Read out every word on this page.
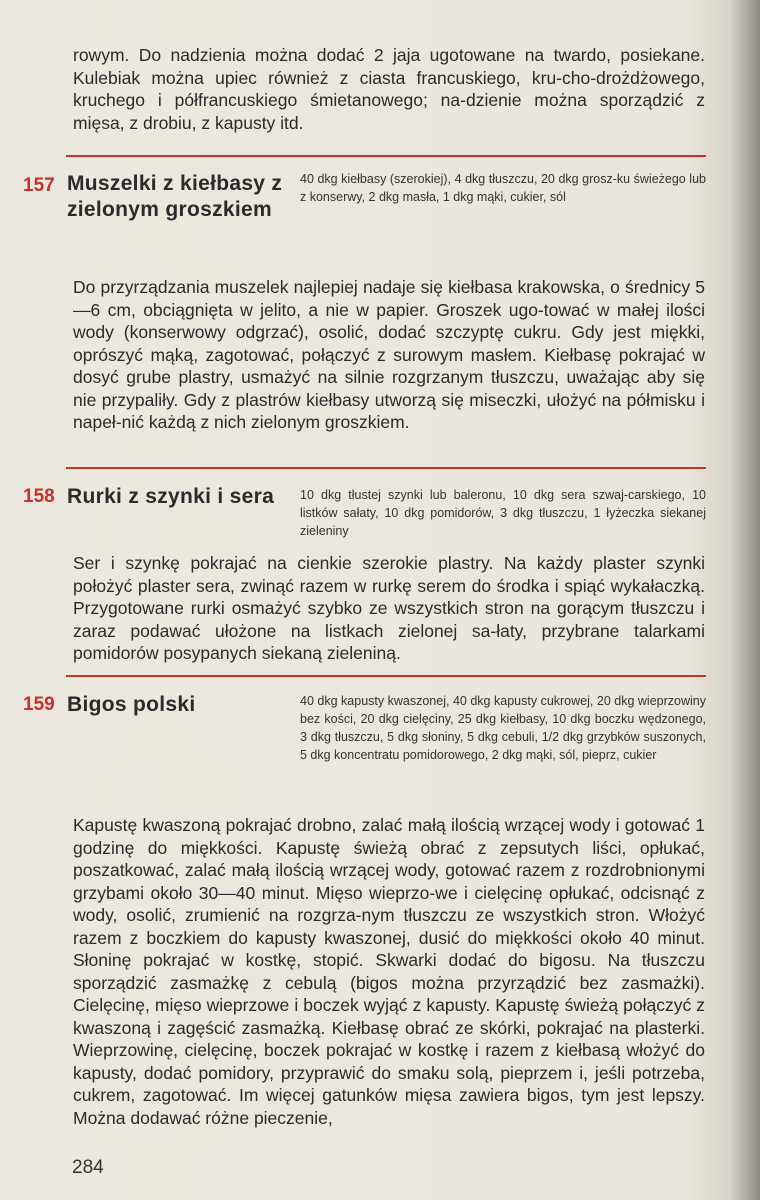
rowym. Do nadzienia można dodać 2 jaja ugotowane na twardo, posiekane. Kulebiak można upiec również z ciasta francuskiego, kru-cho-drożdżowego, kruchego i półfrancuskiego śmietanowego; na-dzienie można sporządzić z mięsa, z drobiu, z kapusty itd.
157 Muszelki z kiełbasy z zielonym groszkiem
40 dkg kiełbasy (szerokiej), 4 dkg tłuszczu, 20 dkg grosz-ku świeżego lub z konserwy, 2 dkg masła, 1 dkg mąki, cukier, sól
Do przyrządzania muszelek najlepiej nadaje się kiełbasa krakowska, o średnicy 5—6 cm, obciągnięta w jelito, a nie w papier. Groszek ugo-tować w małej ilości wody (konserwowy odgrzać), osolić, dodać szczyptę cukru. Gdy jest miękki, oprószyć mąką, zagotować, połączyć z surowym masłem. Kiełbasę pokrajać w dosyć grube plastry, usmażyć na silnie rozgrzanym tłuszczu, uważając aby się nie przypaliły. Gdy z plastrów kiełbasy utworzą się miseczki, ułożyć na półmisku i napeł-nić każdą z nich zielonym groszkiem.
158 Rurki z szynki i sera	10 dkg tłustej szynki lub baleronu, 10 dkg sera szwaj-carskiego, 10 listków sałaty, 10 dkg pomidorów, 3 dkg tłuszczu, 1 łyżeczka siekanej zieleniny
Ser i szynkę pokrajać na cienkie szerokie plastry. Na każdy plaster szynki położyć plaster sera, zwinąć razem w rurkę serem do środka i spiąć wykałaczką. Przygotowane rurki osmażyć szybko ze wszystkich stron na gorącym tłuszczu i zaraz podawać ułożone na listkach zielonej sa-łaty, przybrane talarkami pomidorów posypanych siekaną zieleniną.
159 Bigos polski	40 dkg kapusty kwaszonej, 40 dkg kapusty cukrowej, 20 dkg wieprzowiny bez kości, 20 dkg cielęciny, 25 dkg kiełbasy, 10 dkg boczku wędzonego, 3 dkg tłuszczu, 5 dkg słoniny, 5 dkg cebuli, 1/2 dkg grzybków suszonych, 5 dkg koncentratu pomidorowego, 2 dkg mąki, sól, pieprz, cukier
Kapustę kwaszoną pokrajać drobno, zalać małą ilością wrzącej wody i gotować 1 godzinę do miękkości. Kapustę świeżą obrać z zepsutych liści, opłukać, poszatkować, zalać małą ilością wrzącej wody, gotować razem z rozdrobnionymi grzybami około 30—40 minut. Mięso wieprzo-we i cielęcinę opłukać, odcisnąć z wody, osolić, zrumienić na rozgrza-nym tłuszczu ze wszystkich stron. Włożyć razem z boczkiem do kapusty kwaszonej, dusić do miękkości około 40 minut. Słoninę pokrajać w kostkę, stopić. Skwarki dodać do bigosu. Na tłuszczu sporządzić zasmażkę z cebulą (bigos można przyrządzić bez zasmażki). Cielęcinę, mięso wieprzowe i boczek wyjąć z kapusty. Kapustę świeżą połączyć z kwaszoną i zagęścić zasmażką. Kiełbasę obrać ze skórki, pokrajać na plasterki. Wieprzowinę, cielęcinę, boczek pokrajać w kostkę i razem z kiełbasą włożyć do kapusty, dodać pomidory, przyprawić do smaku solą, pieprzem i, jeśli potrzeba, cukrem, zagotować. Im więcej gatunków mięsa zawiera bigos, tym jest lepszy. Można dodawać różne pieczenie,
284
